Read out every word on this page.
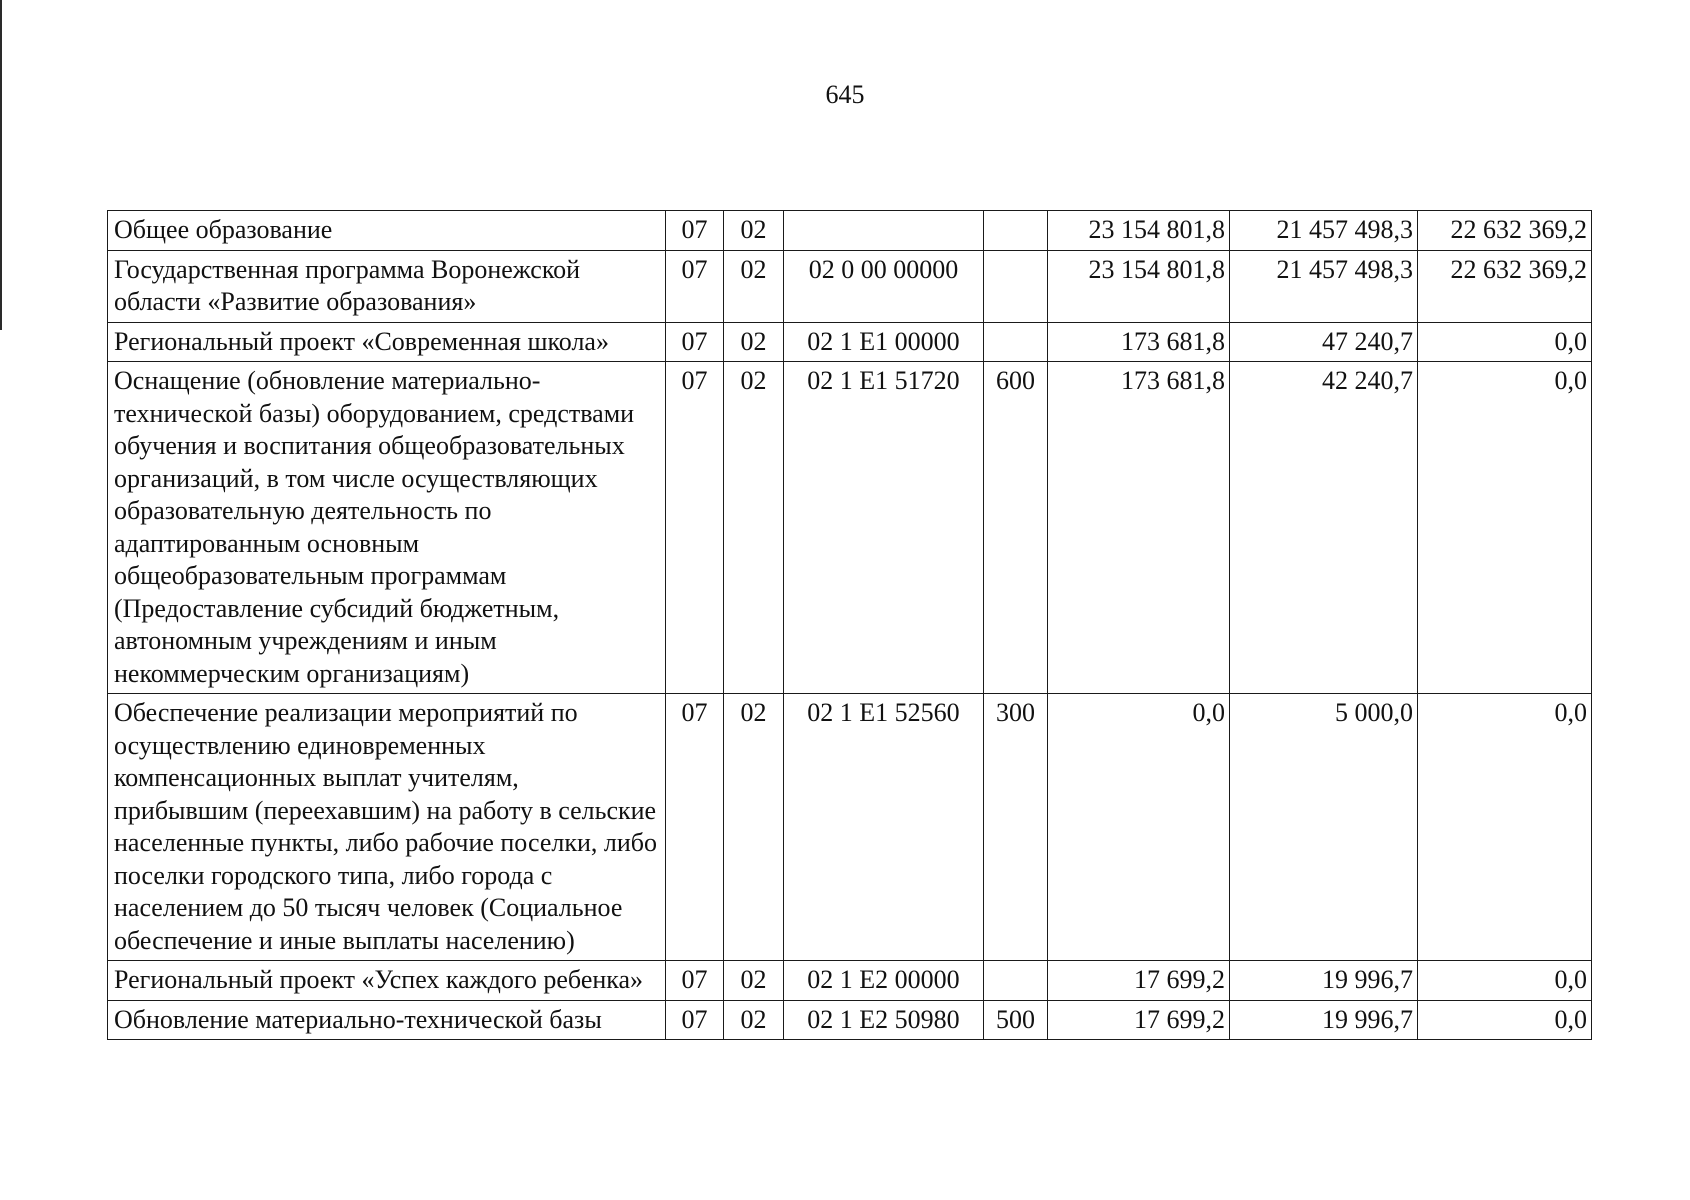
645
Общее образование	07	02			23 154 801,8	21 457 498,3	22 632 369,2
Государственная программа Воронежской области «Развитие образования»	07	02	02 0 00 00000		23 154 801,8	21 457 498,3	22 632 369,2
Региональный проект «Современная школа»	07	02	02 1 Е1 00000		173 681,8	47 240,7	0,0
Оснащение (обновление материально-технической базы) оборудованием, средствами обучения и воспитания общеобразовательных организаций, в том числе осуществляющих образовательную деятельность по адаптированным основным общеобразовательным программам (Предоставление субсидий бюджетным, автономным учреждениям и иным некоммерческим организациям)	07	02	02 1 Е1 51720	600	173 681,8	42 240,7	0,0
Обеспечение реализации мероприятий по осуществлению единовременных компенсационных выплат учителям, прибывшим (переехавшим) на работу в сельские населенные пункты, либо рабочие поселки, либо поселки городского типа, либо города с населением до 50 тысяч человек (Социальное обеспечение и иные выплаты населению)	07	02	02 1 Е1 52560	300	0,0	5 000,0	0,0
Региональный проект «Успех каждого ребенка»	07	02	02 1 Е2 00000		17 699,2	19 996,7	0,0
Обновление материально-технической базы	07	02	02 1 Е2 50980	500	17 699,2	19 996,7	0,0
